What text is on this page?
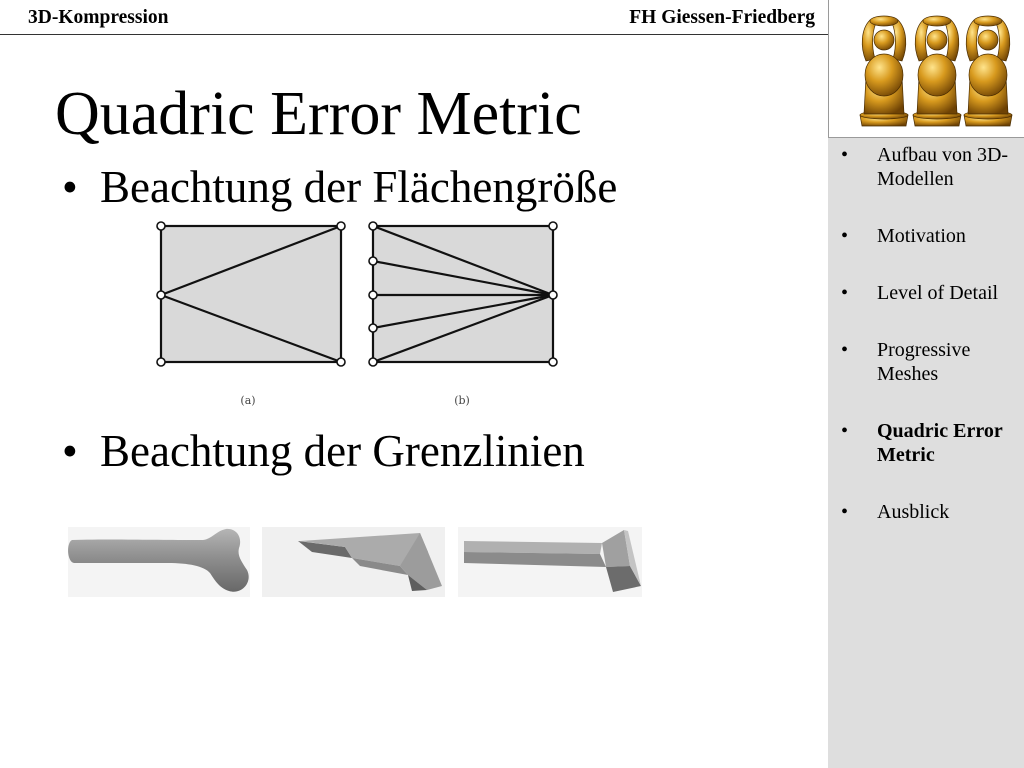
3D-Kompression	FH Giessen-Friedberg
• Aufbau von 3D-Modellen
• Motivation
• Level of Detail
• Progressive Meshes
• Quadric Error Metric
• Ausblick
Quadric Error Metric
• Beachtung der Flächengröße
(a)	(b)
• Beachtung der Grenzlinien
